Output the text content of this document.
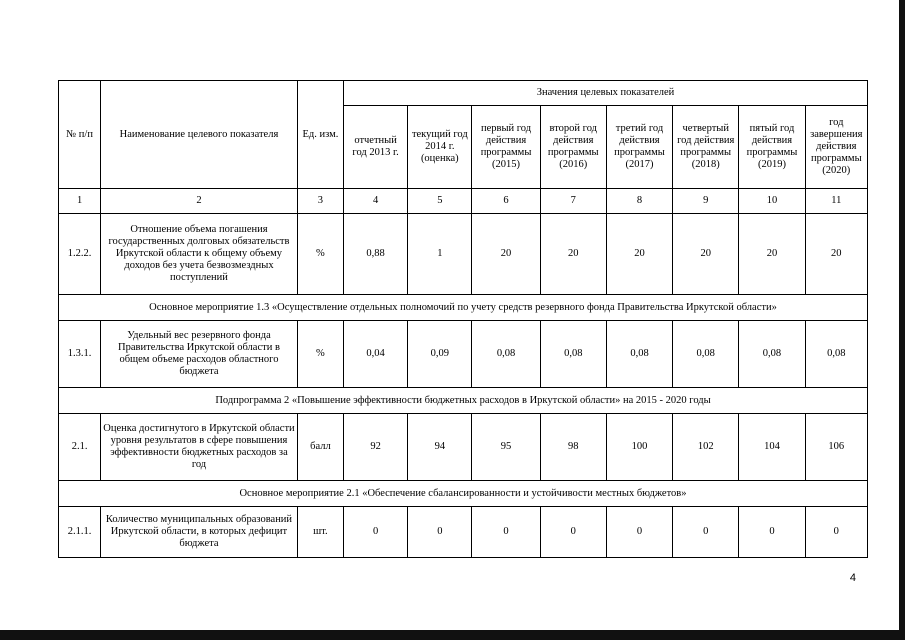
№ п/п	Наименование целевого показателя	Ед. изм.	Значения целевых показателей							
			отчетный год 2013 г.	текущий год 2014 г. (оценка)	первый год действия программы (2015)	второй год действия программы (2016)	третий год действия программы (2017)	четвертый год действия программы (2018)	пятый год действия программы (2019)	год завершения действия программы (2020)
1	2	3	4	5	6	7	8	9	10	11
1.2.2.	Отношение объема погашения государственных долговых обязательств Иркутской области к общему объему доходов без учета безвозмездных поступлений	%	0,88	1	20	20	20	20	20	20
Основное мероприятие 1.3 «Осуществление отдельных полномочий по учету средств резервного фонда Правительства Иркутской области»										
1.3.1.	Удельный вес резервного фонда Правительства Иркутской области в общем объеме расходов областного бюджета	%	0,04	0,09	0,08	0,08	0,08	0,08	0,08	0,08
Подпрограмма 2 «Повышение эффективности бюджетных расходов в Иркутской области» на 2015 - 2020 годы										
2.1.	Оценка достигнутого в Иркутской области уровня результатов в сфере повышения эффективности бюджетных расходов за год	балл	92	94	95	98	100	102	104	106
Основное мероприятие 2.1 «Обеспечение сбалансированности и устойчивости местных бюджетов»										
2.1.1.	Количество муниципальных образований Иркутской области, в которых дефицит бюджета	шт.	0	0	0	0	0	0	0	0
4
